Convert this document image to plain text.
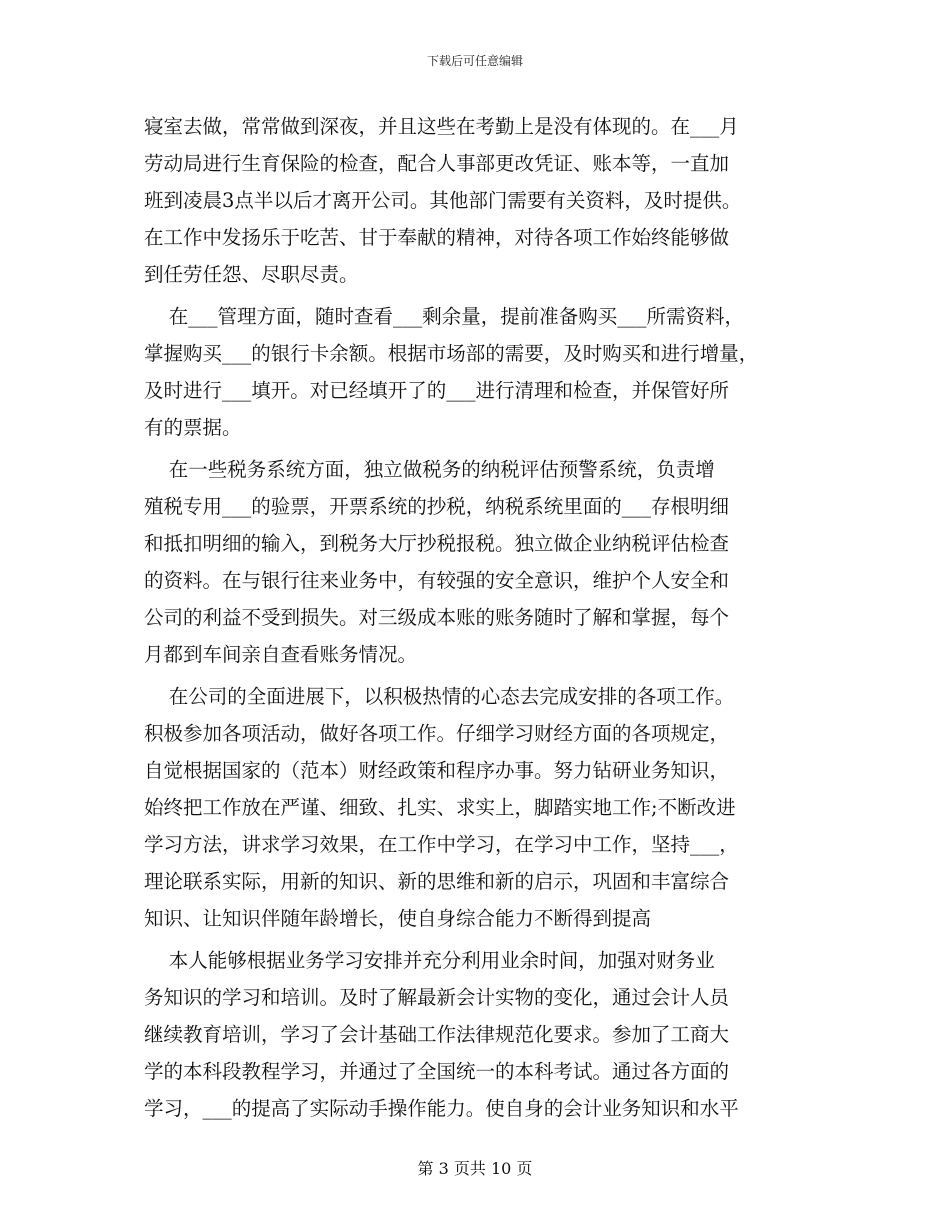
下载后可任意编辑

寝室去做，常常做到深夜，并且这些在考勤上是没有体现的。在___月
劳动局进行生育保险的检查，配合人事部更改凭证、账本等，一直加
班到凌晨3点半以后才离开公司。其他部门需要有关资料，及时提供。
在工作中发扬乐于吃苦、甘于奉献的精神，对待各项工作始终能够做
到任劳任怨、尽职尽责。
在___管理方面，随时查看___剩余量，提前准备购买___所需资料，
掌握购买___的银行卡余额。根据市场部的需要，及时购买和进行增量，
及时进行___填开。对已经填开了的___进行清理和检查，并保管好所
有的票据。
在一些税务系统方面，独立做税务的纳税评估预警系统，负责增
殖税专用___的验票，开票系统的抄税，纳税系统里面的___存根明细
和抵扣明细的输入，到税务大厅抄税报税。独立做企业纳税评估检查
的资料。在与银行往来业务中，有较强的安全意识，维护个人安全和
公司的利益不受到损失。对三级成本账的账务随时了解和掌握，每个
月都到车间亲自查看账务情况。
在公司的全面进展下，以积极热情的心态去完成安排的各项工作。
积极参加各项活动，做好各项工作。仔细学习财经方面的各项规定，
自觉根据国家的（范本）财经政策和程序办事。努力钻研业务知识，
始终把工作放在严谨、细致、扎实、求实上，脚踏实地工作;不断改进
学习方法，讲求学习效果，在工作中学习，在学习中工作，坚持___，
理论联系实际，用新的知识、新的思维和新的启示，巩固和丰富综合
知识、让知识伴随年龄增长，使自身综合能力不断得到提高
本人能够根据业务学习安排并充分利用业余时间，加强对财务业
务知识的学习和培训。及时了解最新会计实物的变化，通过会计人员
继续教育培训，学习了会计基础工作法律规范化要求。参加了工商大
学的本科段教程学习，并通过了全国统一的本科考试。通过各方面的
学习，___的提高了实际动手操作能力。使自身的会计业务知识和水平

第 3 页共 10 页
